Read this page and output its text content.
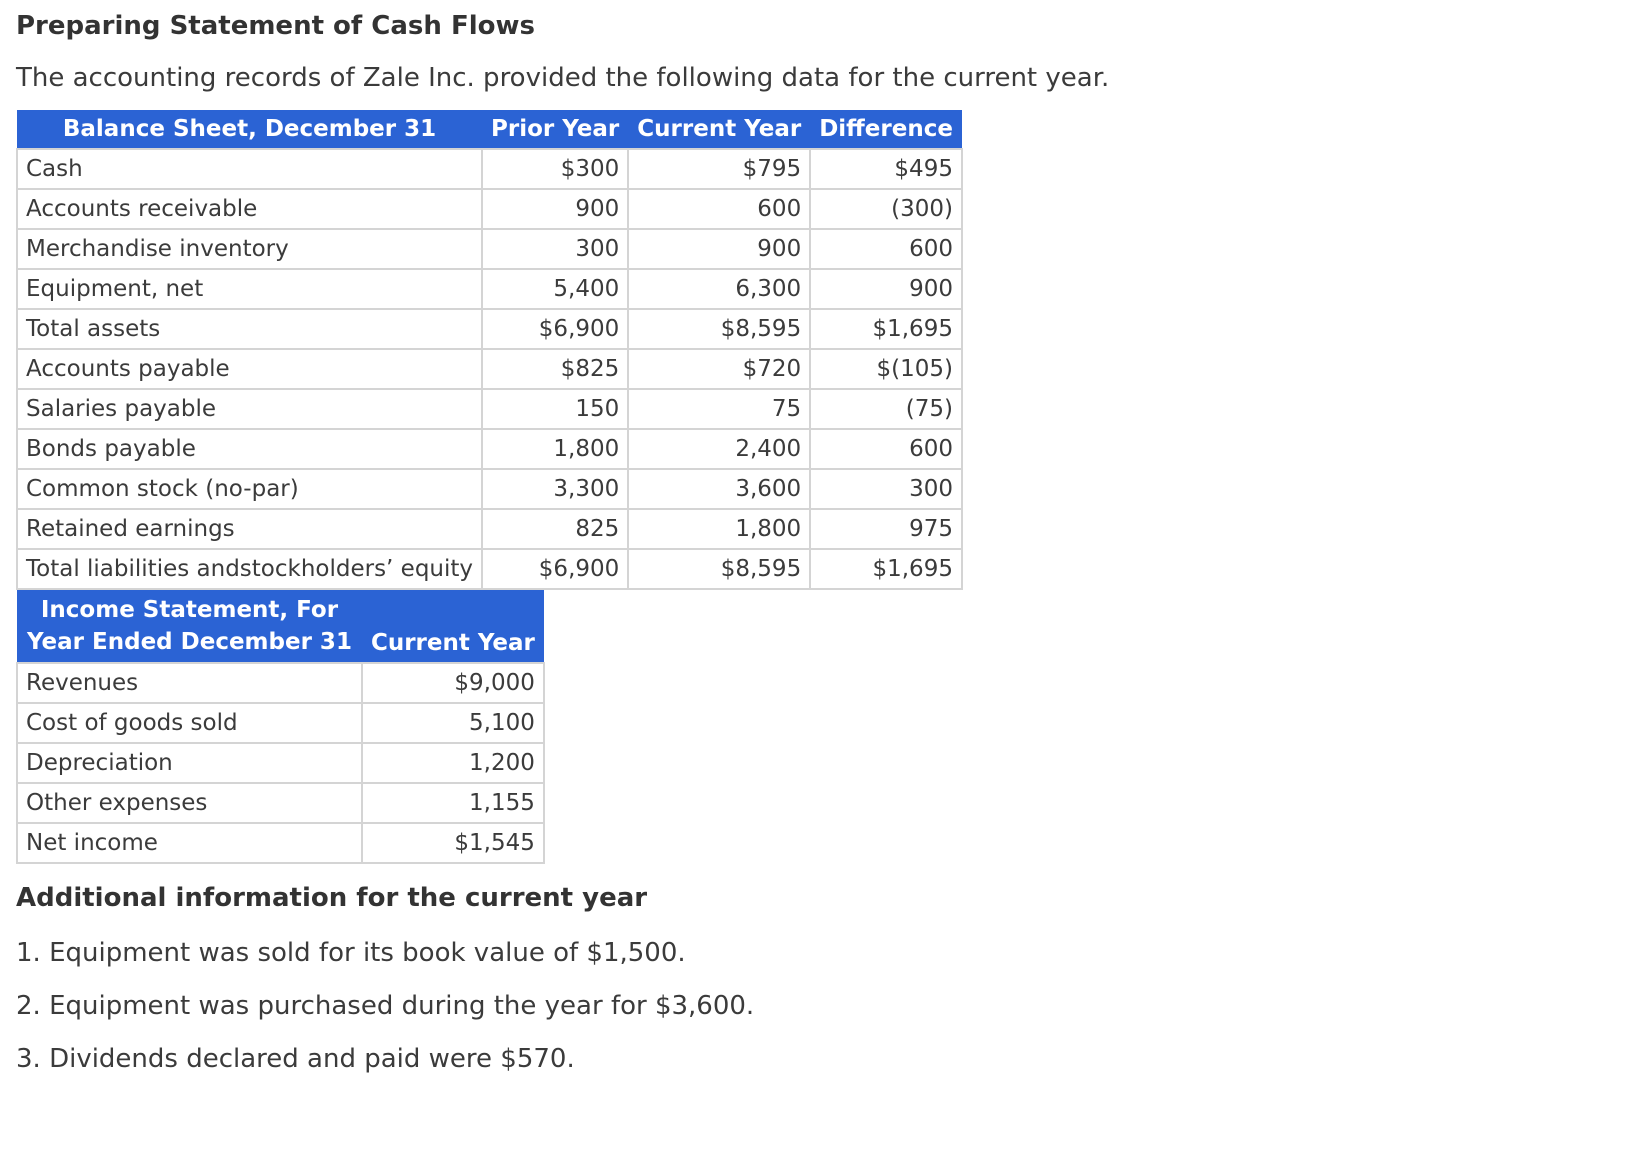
Preparing Statement of Cash Flows

The accounting records of Zale Inc. provided the following data for the current year.

Balance Sheet, December 31	Prior Year	Current Year	Difference
Cash	$300	$795	$495
Accounts receivable	900	600	(300)
Merchandise inventory	300	900	600
Equipment, net	5,400	6,300	900
Total assets	$6,900	$8,595	$1,695
Accounts payable	$825	$720	$(105)
Salaries payable	150	75	(75)
Bonds payable	1,800	2,400	600
Common stock (no-par)	3,300	3,600	300
Retained earnings	825	1,800	975
Total liabilities andstockholders’ equity	$6,900	$8,595	$1,695
Income Statement, For
Year Ended December 31	Current Year
Revenues	$9,000
Cost of goods sold	5,100
Depreciation	1,200
Other expenses	1,155
Net income	$1,545
Additional information for the current year
1. Equipment was sold for its book value of $1,500.
2. Equipment was purchased during the year for $3,600.
3. Dividends declared and paid were $570.
